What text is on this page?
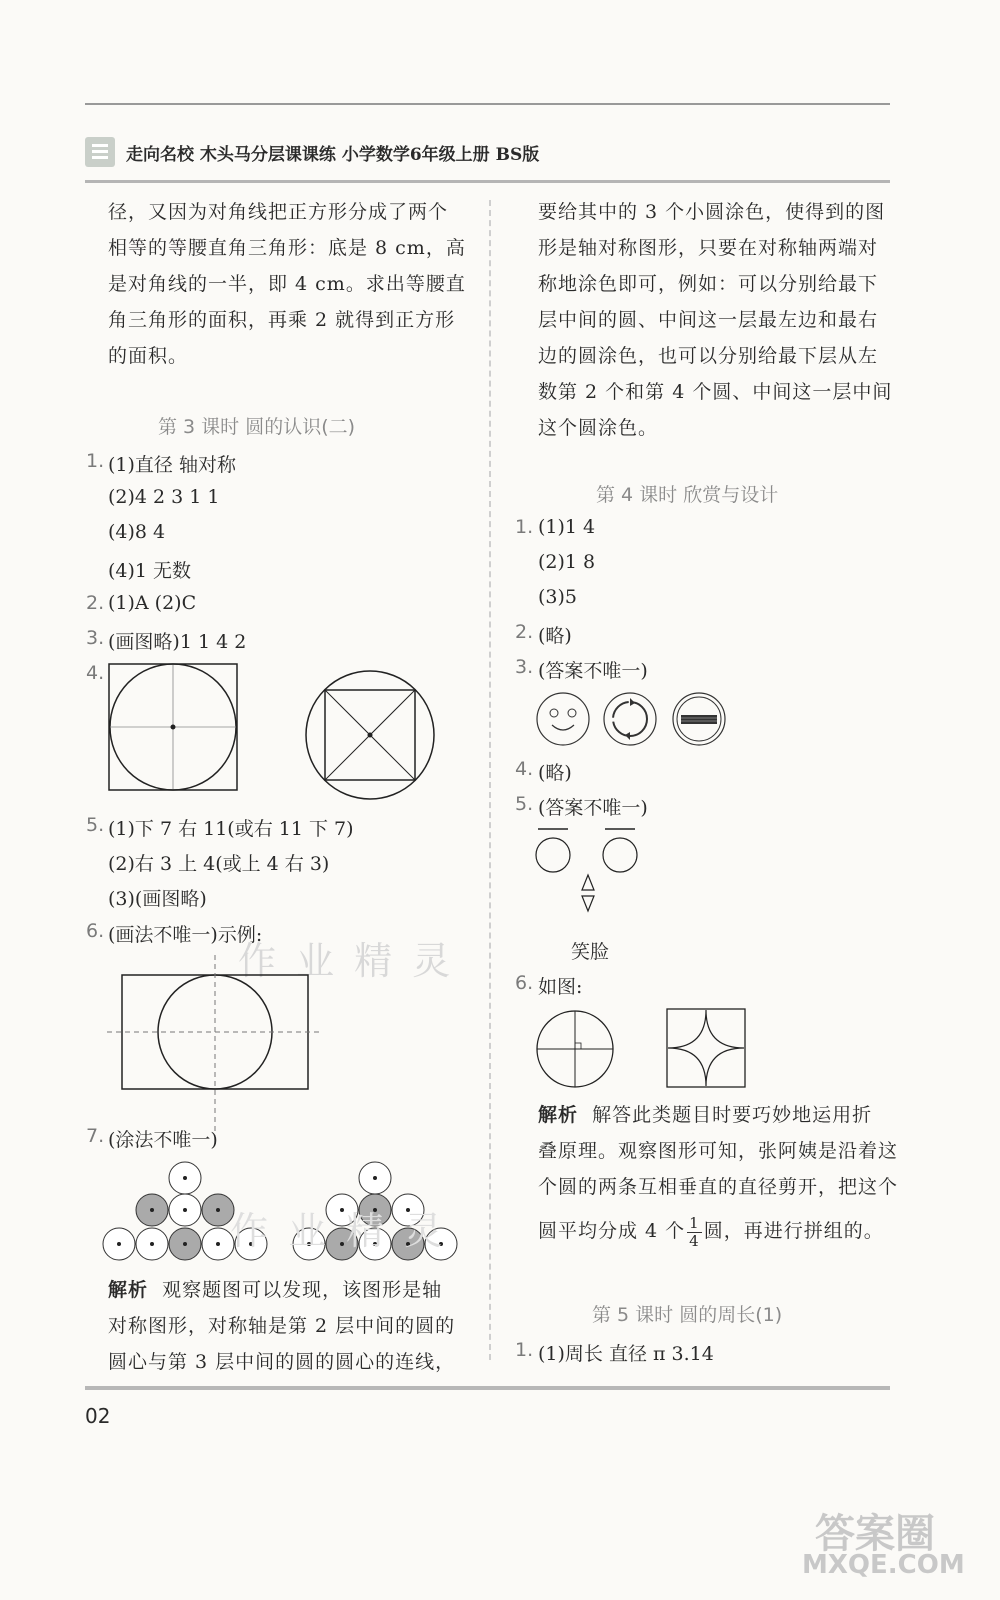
走向名校 木头马分层课课练 小学数学6年级上册 BS版
径，又因为对角线把正方形分成了两个
相等的等腰直角三角形：底是 8 cm，高
是对角线的一半，即 4 cm。求出等腰直
角三角形的面积，再乘 2 就得到正方形
的面积。
第 3 课时 圆的认识(二)
1. (1)直径 轴对称
(2)4 2 3 1 1
(4)8 4
(4)1 无数
2. (1)A (2)C
3. (画图略)1 1 4 2
4.
5. (1)下 7 右 11(或右 11 下 7)
(2)右 3 上 4(或上 4 右 3)
(3)(画图略)
6. (画法不唯一)示例:
作 业 精 灵
7. (涂法不唯一)
作 业 精 灵
解析 观察题图可以发现，该图形是轴
对称图形，对称轴是第 2 层中间的圆的
圆心与第 3 层中间的圆的圆心的连线，
要给其中的 3 个小圆涂色，使得到的图
形是轴对称图形，只要在对称轴两端对
称地涂色即可，例如：可以分别给最下
层中间的圆、中间这一层最左边和最右
边的圆涂色，也可以分别给最下层从左
数第 2 个和第 4 个圆、中间这一层中间
这个圆涂色。
第 4 课时 欣赏与设计
1. (1)1 4
(2)1 8
(3)5
2. (略)
3. (答案不唯一)
4. (略)
5. (答案不唯一)
笑脸
6. 如图:
解析 解答此类题目时要巧妙地运用折
叠原理。观察图形可知，张阿姨是沿着这
个圆的两条互相垂直的直径剪开，把这个
圆平均分成 4 个 $\frac{1}{4}$ 圆，再进行拼组的。
第 5 课时 圆的周长(1)
1. (1)周长 直径 π 3.14
02
答案圈
MXQE.COM
